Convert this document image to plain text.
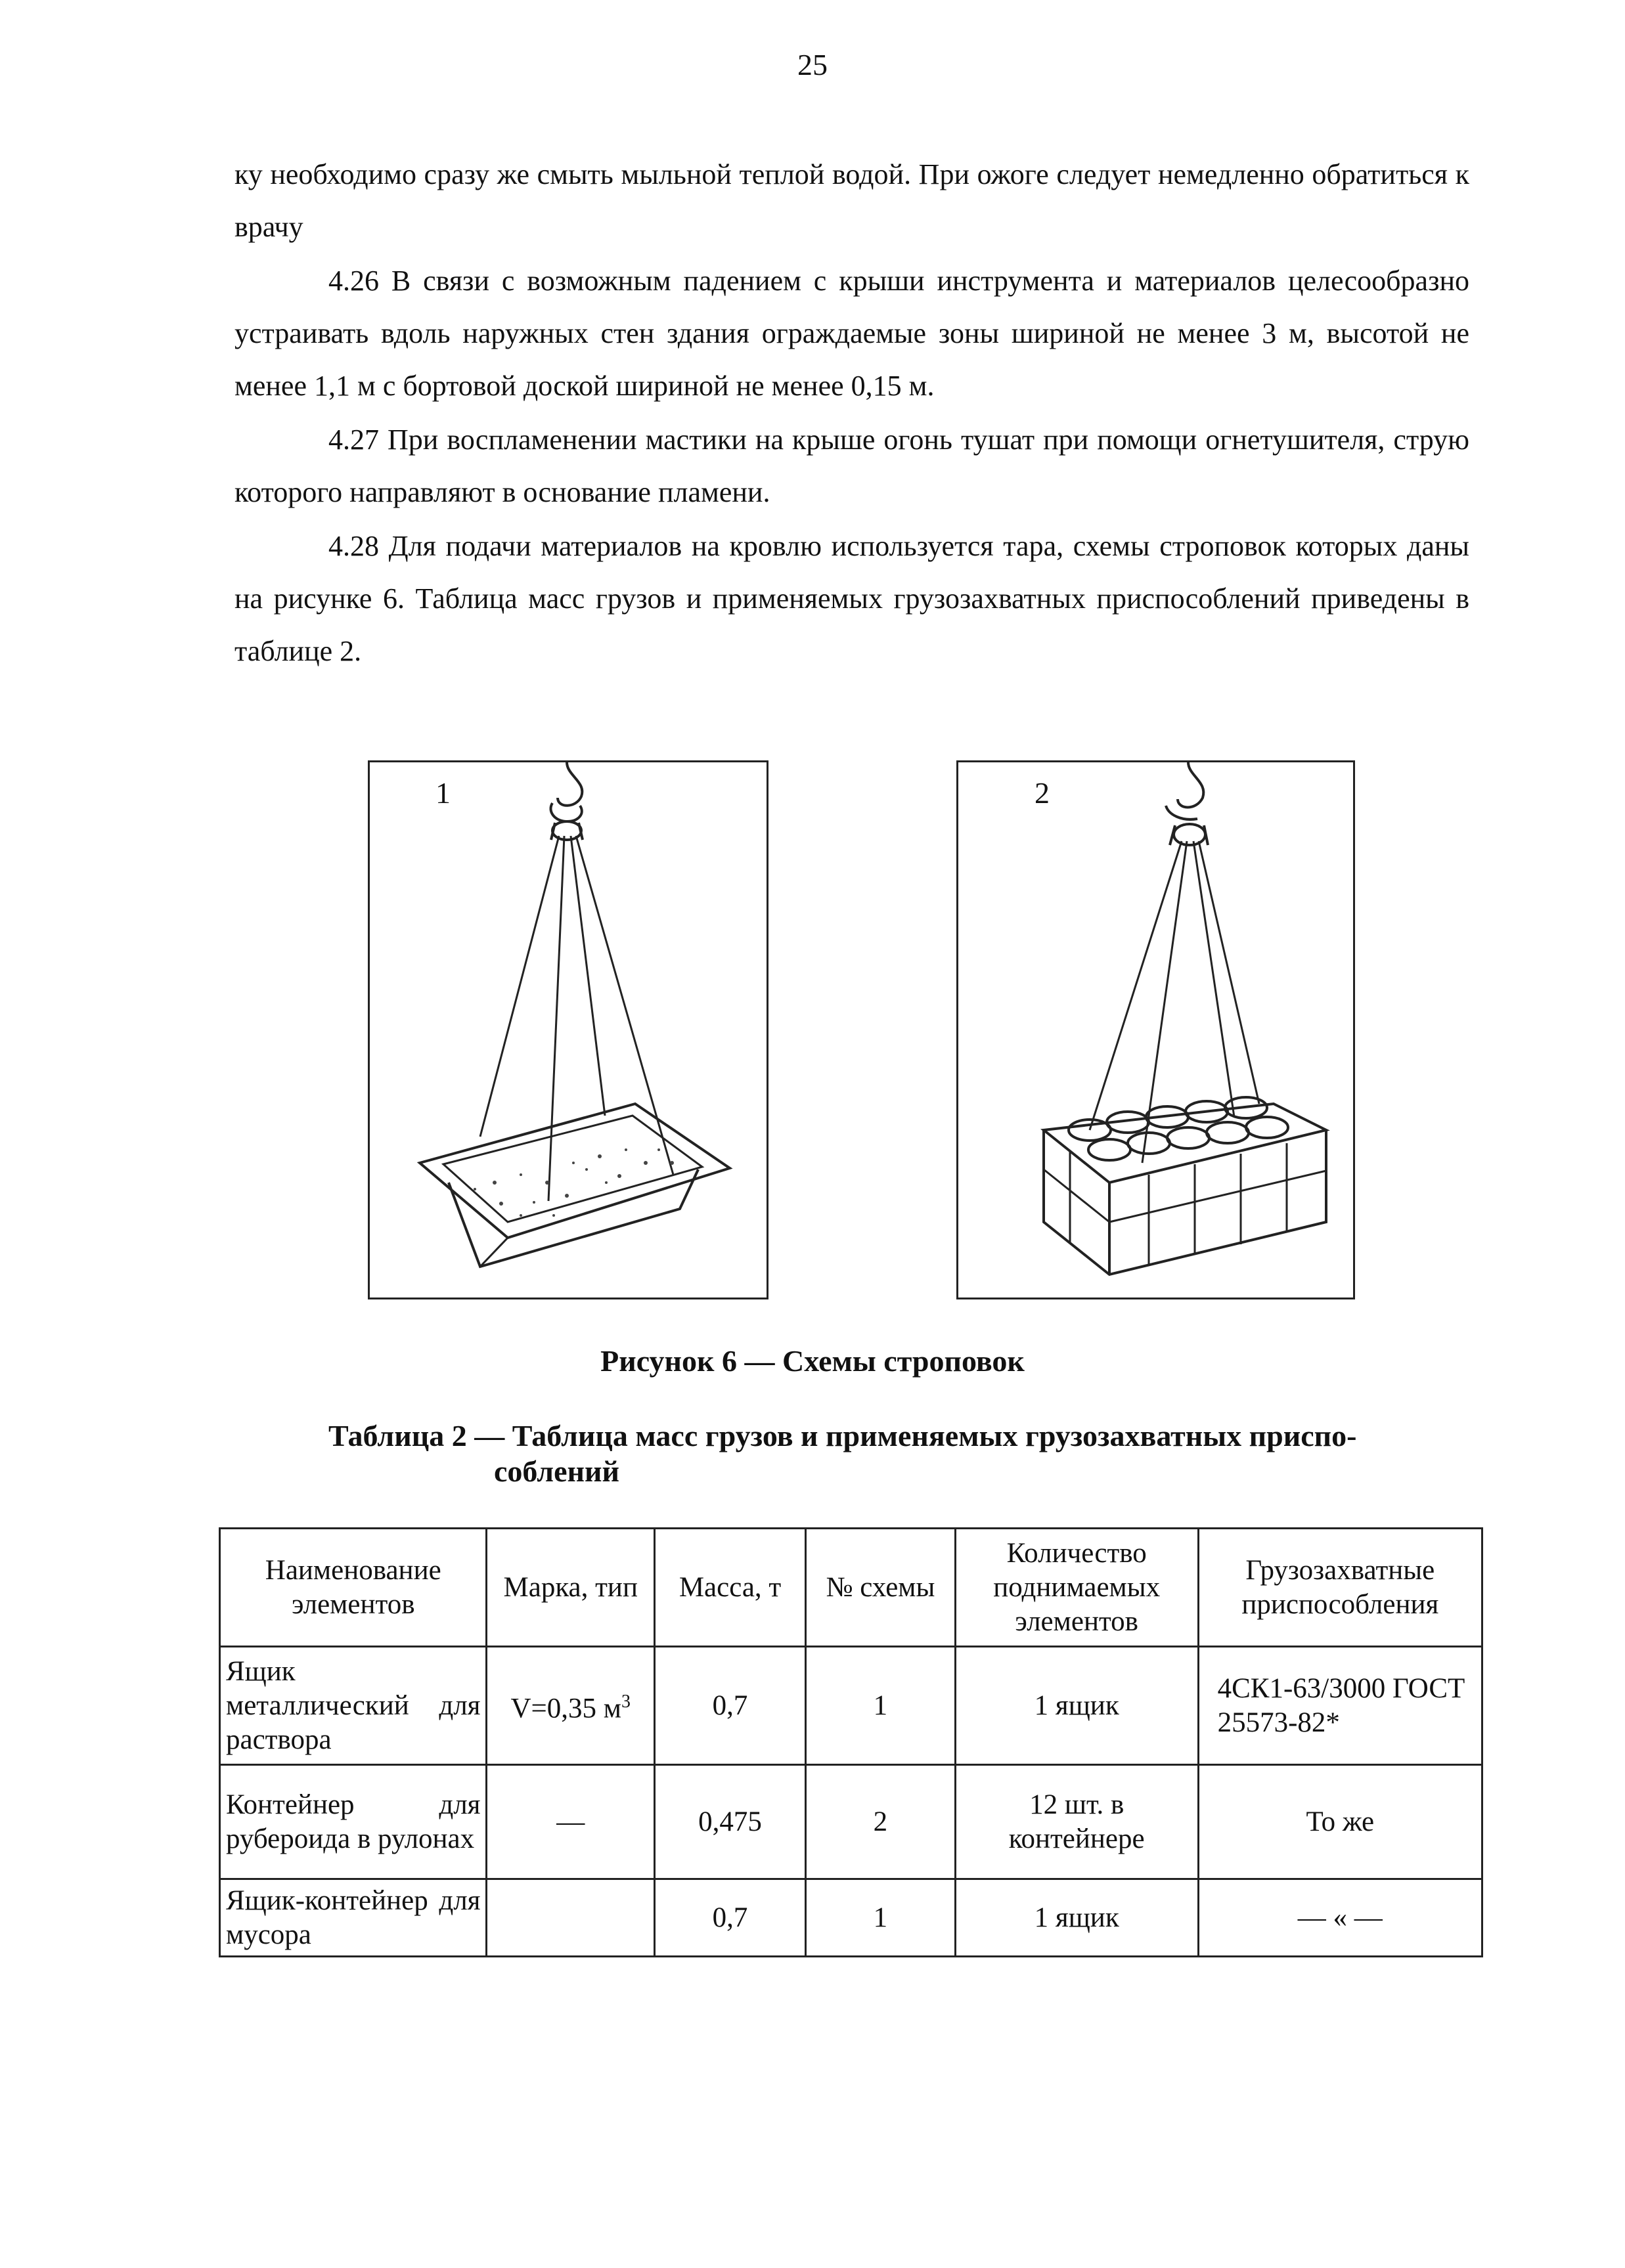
25

ку необходимо сразу же смыть мыльной теплой водой. При ожоге следует немедленно обратиться к врачу

4.26 В связи с возможным падением с крыши инструмента и материалов целесообразно устраивать вдоль наружных стен здания ограждаемые зоны шириной не менее 3 м, высотой не менее 1,1 м с бортовой доской шириной не менее 0,15 м.

4.27 При воспламенении мастики на крыше огонь тушат при помощи огнетушителя, струю которого направляют в основание пламени.

4.28 Для подачи материалов на кровлю используется тара, схемы строповок которых даны на рисунке 6. Таблица масс грузов и применяемых грузозахватных приспособлений приведены в таблице 2.

1	2
Рисунок 6 — Схемы строповок
Таблица 2 — Таблица масс грузов и применяемых грузозахватных приспо-
соблений
Наименование элементов	Марка, тип	Масса, т	№ схемы	Количество поднимаемых элементов	Грузозахватные приспособления
Ящик металлический для раствора	V=0,35 $м^3$	0,7	1	1 ящик	4СК1-63/3000 ГОСТ 25573-82*
Контейнер для рубероида в рулонах	—	0,475	2	12 шт. в контейнере	То же
Ящик-контейнер для мусора		0,7	1	1 ящик	— « —
